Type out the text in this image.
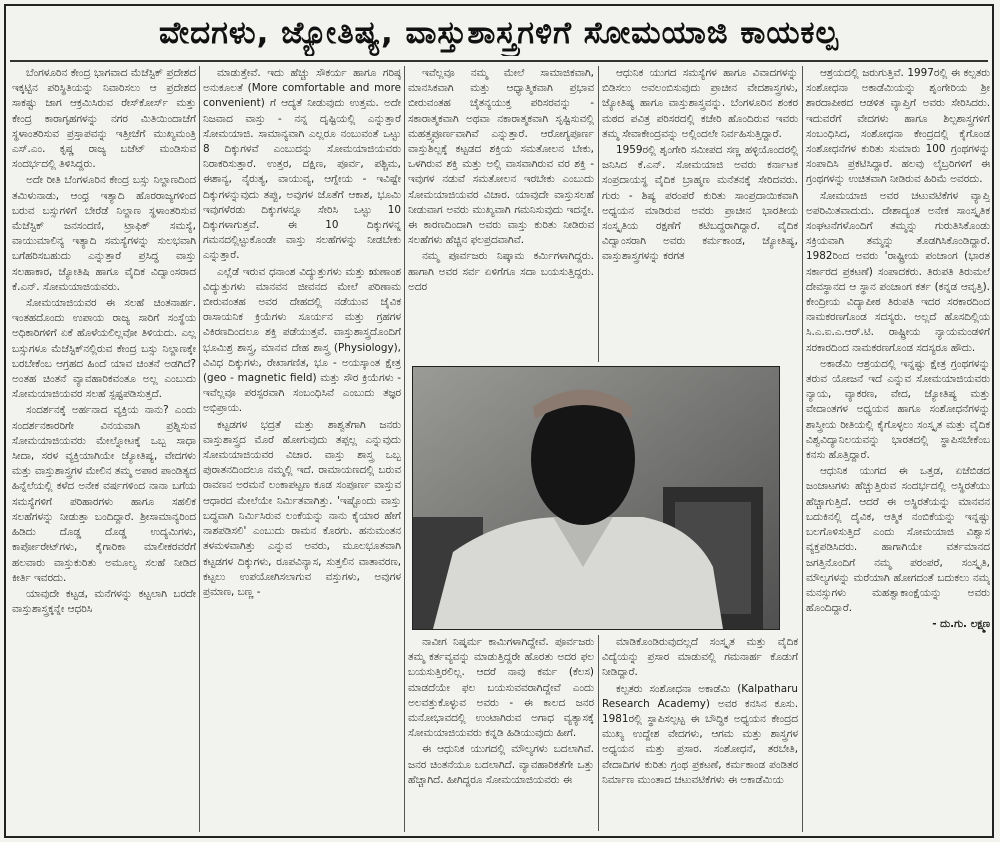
ವೇದಗಳು, ಜ್ಯೋತಿಷ್ಯ, ವಾಸ್ತುಶಾಸ್ತ್ರಗಳಿಗೆ ಸೋಮಯಾಜಿ ಕಾಯಕಲ್ಪ

ಬೆಂಗಳೂರಿನ ಕೇಂದ್ರ ಭಾಗವಾದ ಮೆಜೆಸ್ಟಿಕ್ ಪ್ರದೇಶದ ಇಕ್ಕಟ್ಟಿನ ಪರಿಸ್ಥಿತಿಯನ್ನು ನಿವಾರಿಸಲು ಆ ಪ್ರದೇಶದ ಸಾಕಷ್ಟು ಜಾಗ ಆಕ್ರಮಿಸಿರುವ ರೇಸ್‌ಕೋರ್ಸ್ ಮತ್ತು ಕೇಂದ್ರ ಕಾರಾಗೃಹಗಳನ್ನು ನಗರ ಮಿತಿಯಿಂದಾಚೆಗೆ ಸ್ಥಳಾಂತರಿಸುವ ಪ್ರಸ್ತಾಪವನ್ನು ಇತ್ತೀಚೆಗೆ ಮುಖ್ಯಮಂತ್ರಿ ಎಸ್.ಎಂ. ಕೃಷ್ಣ ರಾಜ್ಯ ಬಜೆಟ್ ಮಂಡಿಸುವ ಸಂದರ್ಭದಲ್ಲಿ ತಿಳಿಸಿದ್ದರು.

ಅದೇ ರೀತಿ ಬೆಂಗಳೂರಿನ ಕೇಂದ್ರ ಬಸ್ಸು ನಿಲ್ದಾಣದಿಂದ ತಮಿಳುನಾಡು, ಆಂಧ್ರ ಇತ್ಯಾದಿ ಹೊರರಾಜ್ಯಗಳಿಂದ ಬರುವ ಬಸ್ಸುಗಳಿಗೆ ಬೇರೆಡೆ ನಿಲ್ದಾಣ ಸ್ಥಳಾಂತರಿಸುವ ಮೆಜೆಸ್ಟಿಕ್ ಜನಸಂದಣಿ, ಟ್ರಾಫಿಕ್ ಸಮಸ್ಯೆ, ವಾಯುಮಾಲಿನ್ಯ ಇತ್ಯಾದಿ ಸಮಸ್ಯೆಗಳನ್ನು ಸುಲಭವಾಗಿ ಬಗೆಹರಿಸಬಹುದು ಎನ್ನುತ್ತಾರೆ ಪ್ರಸಿದ್ಧ ವಾಸ್ತು ಸಲಹಾಕಾರ, ಜ್ಯೋತಿಷಿ ಹಾಗೂ ವೈದಿಕ ವಿದ್ವಾಂಸರಾದ ಕೆ.ಎನ್. ಸೋಮಯಾಜಿಯವರು.

ಸೋಮಯಾಜಿಯವರ ಈ ಸಲಹೆ ಚಿಂತನಾರ್ಹ. ಇಂತಹದೊಂದು ಉಪಾಯ ರಾಜ್ಯ ಸಾರಿಗೆ ಸಂಸ್ಥೆಯ ಅಧಿಕಾರಿಗಳಿಗೆ ಏಕೆ ಹೊಳೆಯಲಿಲ್ಲವೋ ತಿಳಿಯದು. ಎಲ್ಲ ಬಸ್ಸುಗಳೂ ಮೆಜೆಸ್ಟಿಕ್‌ನಲ್ಲಿರುವ ಕೇಂದ್ರ ಬಸ್ಸು ನಿಲ್ದಾಣಕ್ಕೇ ಬರಬೇಕೆಂಬ ಆಗ್ರಹದ ಹಿಂದೆ ಯಾವ ಚಿಂತನೆ ಅಡಗಿದೆ? ಅಂತಹ ಚಿಂತನೆ ವ್ಯಾವಹಾರಿಕವಂತೂ ಅಲ್ಲ ಎಂಬುದು ಸೋಮಯಾಜಿಯವರ ಸಲಹೆ ಸ್ಪಷ್ಟಪಡಿಸುತ್ತದೆ.

ಸಂದರ್ಶನಕ್ಕೆ ಅರ್ಹನಾದ ವ್ಯಕ್ತಿಯ ನಾನು? ಎಂದು ಸಂದರ್ಶನಕಾರರಿಗೇ ವಿನಯವಾಗಿ ಪ್ರಶ್ನಿಸುವ ಸೋಮಯಾಜಿಯವರು ಮೇಲ್ನೋಟಕ್ಕೆ ಒಬ್ಬ ಸಾಧಾ ಸೀದಾ, ಸರಳ ವ್ಯಕ್ತಿಯಾಗಿಯೇ ಜ್ಯೋತಿಷ್ಯ, ವೇದಗಳು ಮತ್ತು ವಾಸ್ತುಶಾಸ್ತ್ರಗಳ ಮೇಲಿನ ತಮ್ಮ ಅಪಾರ ಪಾಂಡಿತ್ಯದ ಹಿನ್ನೆಲೆಯಲ್ಲಿ ಕಳೆದ ಅನೇಕ ವರ್ಷಗಳಿಂದ ನಾನಾ ಬಗೆಯ ಸಮಸ್ಯೆಗಳಿಗೆ ಪರಿಹಾರಗಳು ಹಾಗೂ ಸಹಲಿಕ ಸಲಹೆಗಳನ್ನು ನೀಡುತ್ತಾ ಬಂದಿದ್ದಾರೆ. ಶ್ರೀಸಾಮಾನ್ಯರಿಂದ ಹಿಡಿದು ದೊಡ್ಡ ದೊಡ್ಡ ಉದ್ಯಮಿಗಳು, ಕಾರ್ಪೋರೇಟ್‌ಗಳು, ಕೈಗಾರಿಕಾ ಮಾಲೀಕರವರೆಗೆ ಹಲವಾರು ವಾಸ್ತುಕುರಿತು ಅಮೂಲ್ಯ ಸಲಹೆ ನೀಡಿದ ಕೀರ್ತಿ ಇವರದು.

ಯಾವುದೇ ಕಟ್ಟಡ, ಮನೆಗಳನ್ನು ಕಟ್ಟಲಾಗಿ ಬರದೇ ವಾಸ್ತುಶಾಸ್ತ್ರಕ್ಕನ್ನೇ ಆಧರಿಸಿ

ಮಾಡುತ್ತೇವೆ. ಇದು ಹೆಚ್ಚು ಸೌಕರ್ಯ ಹಾಗೂ ಗರಿಷ್ಠ ಅನುಕೂಲತೆ (More comfortable and more convenient) ಗೆ ಆದ್ಯತೆ ನೀಡುವುದು ಉತ್ತಮ. ಅದೇ ನಿಜವಾದ ವಾಸ್ತು - ನನ್ನ ದೃಷ್ಟಿಯಲ್ಲಿ ಎನ್ನುತ್ತಾರೆ ಸೋಮಯಾಜಿ. ಸಾಮಾನ್ಯವಾಗಿ ಎಲ್ಲರೂ ನಂಬುವಂತೆ ಒಟ್ಟು 8 ದಿಕ್ಕುಗಳವೆ ಎಂಬುದನ್ನು ಸೋಮಯಾಜಿಯವರು ನಿರಾಕರಿಸುತ್ತಾರೆ. ಉತ್ತರ, ದಕ್ಷಿಣ, ಪೂರ್ವ, ಪಶ್ಚಿಮ, ಈಶಾನ್ಯ, ನೈರುತ್ಯ, ವಾಯುವ್ಯ, ಆಗ್ನೇಯ - ಇವಿಷ್ಟೇ ದಿಕ್ಕುಗಳನ್ನುವುದು ತಪ್ಪು, ಅವುಗಳ ಜೊತೆಗೆ ಆಕಾಶ, ಭೂಮಿ ಇವುಗಳೆರಡು ದಿಕ್ಕುಗಳನ್ನೂ ಸೇರಿಸಿ ಒಟ್ಟು 10 ದಿಕ್ಕುಗಳಾಗುತ್ತವೆ. ಈ 10 ದಿಕ್ಕುಗಳನ್ನ ಗಮನದಲ್ಲಿಟ್ಟುಕೊಂಡೇ ವಾಸ್ತು ಸಲಹೆಗಳನ್ನು ನೀಡಬೇಕು ಎನ್ನುತ್ತಾರೆ.

ಎಲ್ಲೆಡೆ ಇರುವ ಧನಾಂಶ ವಿದ್ಯುತ್ತುಗಳು ಮತ್ತು ಋಣಾಂಶ ವಿದ್ಯುತ್ತುಗಳು ಮಾನವನ ಜೀವನದ ಮೇಲೆ ಪರಿಣಾಮ ಬೀರುವಂತಹ ಅವರ ದೇಹದಲ್ಲಿ ನಡೆಯುವ ಜೈವಿಕ ರಾಸಾಯನಿಕ ಕ್ರಿಯೆಗಳು ಸೂರ್ಯನ ಮತ್ತು ಗ್ರಹಗಳ ವಿಕಿರಣದಿಂದಲೂ ಶಕ್ತಿ ಪಡೆಯುತ್ತವೆ. ವಾಸ್ತುಶಾಸ್ತ್ರದೊಂದಿಗೆ ಭೂಮಿಶ್ರ ಶಾಸ್ತ್ರ, ಮಾನವ ದೇಹ ಶಾಸ್ತ್ರ (Physiology), ವಿವಿಧ ದಿಕ್ಕುಗಳು, ರೇಖಾಗಣಿತ, ಭೂ - ಅಯಸ್ಕಾಂತ ಕ್ಷೇತ್ರ (geo - magnetic field) ಮತ್ತು ಸೌರ ಕ್ರಿಯೆಗಳು - ಇವೆಲ್ಲವೂ ಪರಸ್ಪರವಾಗಿ ಸಂಬಂಧಿಸಿವೆ ಎಂಬುದು ತಜ್ಞರ ಅಭಿಪ್ರಾಯ.

ಕಟ್ಟಡಗಳ ಭದ್ರತೆ ಮತ್ತು ಶಾಶ್ವತೆಗಾಗಿ ಜನರು ವಾಸ್ತುಶಾಸ್ತ್ರದ ಮೊರೆ ಹೋಗುವುದು ತಪ್ಪಲ್ಲ ಎನ್ನುವುದು ಸೋಮಯಾಜಿಯವರ ವಿಚಾರ. ವಾಸ್ತು ಶಾಸ್ತ್ರ ಒಬ್ಬ ಪುರಾತನದಿಂದಲೂ ನಮ್ಮಲ್ಲಿ ಇದೆ. ರಾಮಾಯಣದಲ್ಲಿ ಬರುವ ರಾವಣನ ಅರಮನೆ ಲಂಕಾಪಟ್ಟಣ ಕೂಡ ಸಂಪೂರ್ಣ ವಾಸ್ತುವ ಆಧಾರದ ಮೇಲೆಯೇ ನಿರ್ಮಿತವಾಗಿತ್ತು. 'ಇಷ್ಟೊಂದು ವಾಸ್ತು ಬದ್ಧವಾಗಿ ನಿರ್ಮಿಸಿರುವ ಲಂಕೆಯನ್ನು ನಾನು ಕೈಯಾರ ಹೇಗೆ ನಾಶಪಡಿಸಲಿ' ಎಂಬುದು ರಾಮನ ಕೊರಗು. ಹನುಮಂತನ ತಳಮಳವಾಗಿತ್ತು ಎನ್ನುವ ಅವರು, ಮೂಲಭೂತವಾಗಿ ಕಟ್ಟಡಗಳ ದಿಕ್ಕುಗಳು, ರೂಪವಿನ್ಯಾಸ, ಸುತ್ತಲಿನ ವಾತಾವರಣ, ಕಟ್ಟಲು ಉಪಯೋಗಿಸಲಾಗುವ ವಸ್ತುಗಳು, ಅವುಗಳ ಪ್ರಮಾಣ, ಬಣ್ಣ -

ಇವೆಲ್ಲವೂ ನಮ್ಮ ಮೇಲೆ ಸಾಮಾಜಿಕವಾಗಿ, ಮಾನಸಿಕವಾಗಿ ಮತ್ತು ಆಧ್ಯಾತ್ಮಿಕವಾಗಿ ಪ್ರಭಾವ ಬೀರುವಂತಹ ಚೈತನ್ಯಯುಕ್ತ ಪರಿಸರವನ್ನು - ಸಕಾರಾತ್ಮಕವಾಗಿ ಅಥವಾ ನಕಾರಾತ್ಮಕವಾಗಿ ಸೃಷ್ಟಿಸುವಲ್ಲಿ ಮಹತ್ತ್ವಪೂರ್ಣವಾಗಿವೆ ಎನ್ನುತ್ತಾರೆ. ಆರೋಗ್ಯಪೂರ್ಣ ವಾಸ್ತುಶಿಲ್ಪಕ್ಕೆ ಕಟ್ಟಡದ ಶಕ್ತಿಯ ಸಮತೋಲನ ಬೇಕು, ಒಳಗಿರುವ ಶಕ್ತಿ ಮತ್ತು ಅಲ್ಲಿ ವಾಸವಾಗಿರುವ ವರ ಶಕ್ತಿ - ಇವುಗಳ ನಡುವೆ ಸಮತೋಲನ ಇರಬೇಕು ಎಂಬುದು ಸೋಮಯಾಜಿಯವರ ವಿಚಾರ. ಯಾವುದೇ ವಾಸ್ತುಸಲಹೆ ನೀಡುವಾಗ ಅವರು ಮುಖ್ಯವಾಗಿ ಗಮನಿಸುವುದು ಇದನ್ನೇ. ಈ ಕಾರಣದಿಂದಾಗಿ ಅವರು ವಾಸ್ತು ಕುರಿತು ನೀಡಿರುವ ಸಲಹೆಗಳು ಹೆಚ್ಚಿನ ಫಲಪ್ರದವಾಗಿವೆ.

ನಮ್ಮ ಪೂರ್ವಜರು ನಿಷ್ಕಾಮ ಕರ್ಮಿಗಳಾಗಿದ್ದರು. ಹಾಗಾಗಿ ಅವರ ಸರ್ವ ಏಳಿಗೆಗೂ ಸದಾ ಬಯಸುತ್ತಿದ್ದರು. ಅದರ

ಆಧುನಿಕ ಯುಗದ ಸಮಸ್ಯೆಗಳ ಹಾಗೂ ವಿವಾದಗಳನ್ನು ಬಿಡಿಸಲು ಅವಲಂಬಿಸುವುದು ಪ್ರಾಚೀನ ವೇದಶಾಸ್ತ್ರಗಳು, ಜ್ಯೋತಿಷ್ಯ ಹಾಗೂ ವಾಸ್ತುಶಾಸ್ತ್ರವನ್ನು. ಬೆಂಗಳೂರಿನ ಶಂಕರ ಮಠದ ಪವಿತ್ರ ಪರಿಸರದಲ್ಲಿ ಕಚೇರಿ ಹೊಂದಿರುವ ಇವರು ತಮ್ಮ ಸೇವಾಕೇಂದ್ರವನ್ನು ಅಲ್ಲಿಂದಲೇ ನಿರ್ವಹಿಸುತ್ತಿದ್ದಾರೆ.

1959ರಲ್ಲಿ ಶೃಂಗೇರಿ ಸಮೀಪದ ಸಣ್ಣ ಹಳ್ಳಿಯೊಂದರಲ್ಲಿ ಜನಿಸಿದ ಕೆ.ಎನ್. ಸೋಮಯಾಜಿ ಅವರು ಕರ್ನಾಟಕ ಸಂಪ್ರದಾಯಸ್ಥ ವೈದಿಕ ಬ್ರಾಹ್ಮಣ ಮನೆತನಕ್ಕೆ ಸೇರಿದವರು. ಗುರು - ಶಿಷ್ಯ ಪರಂಪರೆ ಕುರಿತು ಸಾಂಪ್ರದಾಯಿಕವಾಗಿ ಅಧ್ಯಯನ ಮಾಡಿರುವ ಅವರು ಪ್ರಾಚೀನ ಭಾರತೀಯ ಸಂಸ್ಕೃತಿಯ ರಕ್ಷಣೆಗೆ ಕಟಿಬದ್ಧರಾಗಿದ್ದಾರೆ. ವೈದಿಕ ವಿದ್ವಾಂಸರಾಗಿ ಅವರು ಕರ್ಮಕಾಂಡ, ಜ್ಯೋತಿಷ್ಯ, ವಾಸ್ತುಶಾಸ್ತ್ರಗಳನ್ನು ಕರಗತ

ನಾವೀಗ ನಿಷ್ಕರ್ಮ ಕಾಮಿಗಳಾಗಿದ್ದೇವೆ. ಪೂರ್ವಜರು ತಮ್ಮ ಕರ್ತವ್ಯವನ್ನು ಮಾಡುತ್ತಿದ್ದರೇ ಹೊರತು ಅದರ ಫಲ ಬಯಸುತ್ತಿರಲಿಲ್ಲ. ಆದರೆ ನಾವು ಕರ್ಮ (ಕೆಲಸ) ಮಾಡದೆಯೇ ಫಲ ಬಯಸುವವರಾಗಿದ್ದೇವೆ ಎಂದು ಅಲವತ್ತುಕೊಳ್ಳುವ ಅವರು - ಈ ಕಾಲದ ಜನರ ಮನೋಭಾವದಲ್ಲಿ ಉಂಟಾಗಿರುವ ಅಗಾಧ ವ್ಯತ್ಯಾಸಕ್ಕೆ ಸೋಮಯಾಜಿಯವರು ಕನ್ನಡಿ ಹಿಡಿಯುವುದು ಹೀಗೆ.

ಈ ಆಧುನಿಕ ಯುಗದಲ್ಲಿ ಮೌಲ್ಯಗಳು ಬದಲಾಗಿವೆ. ಜನರ ಚಿಂತನೆಯೂ ಬದಲಾಗಿದೆ. ವ್ಯಾವಹಾರಿಕತೆಗೇ ಒತ್ತು ಹೆಚ್ಚಾಗಿದೆ. ಹೀಗಿದ್ದರೂ ಸೋಮಯಾಜಿಯವರು ಈ

ಮಾಡಿಕೊಂಡಿರುವುದಲ್ಲದೆ ಸಂಸ್ಕೃತ ಮತ್ತು ವೈದಿಕ ವಿದ್ಯೆಯನ್ನು ಪ್ರಸಾರ ಮಾಡುವಲ್ಲಿ ಗಮನಾರ್ಹ ಕೊಡುಗೆ ನೀಡಿದ್ದಾರೆ.

ಕಲ್ಪತರು ಸಂಶೋಧನಾ ಅಕಾಡೆಮಿ (Kalpatharu Research Academy) ಅವರ ಕನಸಿನ ಕೂಸು. 1981ರಲ್ಲಿ ಸ್ಥಾಪಿಸಲ್ಪಟ್ಟ ಈ ಬೌದ್ಧಿಕ ಅಧ್ಯಯನ ಕೇಂದ್ರದ ಮುಖ್ಯ ಉದ್ದೇಶ ವೇದಗಳು, ಆಗಮ ಮತ್ತು ಶಾಸ್ತ್ರಗಳ ಅಧ್ಯಯನ ಮತ್ತು ಪ್ರಸಾರ. ಸಂಶೋಧನೆ, ತರಬೇತಿ, ವೇದಾದಿಗಳ ಕುರಿತು ಗ್ರಂಥ ಪ್ರಕಟಣೆ, ಕರ್ಮಕಾಂಡ ಪಂಡಿತರ ನಿರ್ಮಾಣ ಮುಂತಾದ ಚಟುವಟಿಕೆಗಳು ಈ ಅಕಾಡೆಮಿಯ

ಆಶ್ರಯದಲ್ಲಿ ಜರುಗುತ್ತಿವೆ. 1997ರಲ್ಲಿ ಈ ಕಲ್ಪತರು ಸಂಶೋಧನಾ ಅಕಾಡೆಮಿಯನ್ನು ಶೃಂಗೇರಿಯ ಶ್ರೀ ಶಾರದಾಪೀಠದ ಆಡಳಿತ ವ್ಯಾಪ್ತಿಗೆ ಅವರು ಸೇರಿಸಿದರು. ಇದುವರೆಗೆ ವೇದಗಳು ಹಾಗೂ ಶಿಲ್ಪಶಾಸ್ತ್ರಗಳಿಗೆ ಸಂಬಂಧಿಸಿದ, ಸಂಶೋಧನಾ ಕೇಂದ್ರದಲ್ಲಿ ಕೈಗೊಂಡ ಸಂಶೋಧನೆಗಳ ಕುರಿತು ಸುಮಾರು 100 ಗ್ರಂಥಗಳನ್ನು ಸಂಪಾದಿಸಿ ಪ್ರಕಟಿಸಿದ್ದಾರೆ. ಹಲವು ಲೈಬ್ರರಿಗಳಿಗೆ ಈ ಗ್ರಂಥಗಳನ್ನು ಉಚಿತವಾಗಿ ನೀಡಿರುವ ಹಿರಿಮೆ ಅವರದು.

ಸೋಮಯಾಜಿ ಅವರ ಚಟುವಟಿಕೆಗಳ ವ್ಯಾಪ್ತಿ ಅಪರಿಮಿತವಾದುದು. ದೇಶಾದ್ಯಂತ ಅನೇಕ ಸಾಂಸ್ಕೃತಿಕ ಸಂಘಟನೆಗಳೊಂದಿಗೆ ತಮ್ಮನ್ನು ಗುರುತಿಸಿಕೊಂಡು ಸಕ್ರಿಯವಾಗಿ ತಮ್ಮನ್ನು ತೊಡಗಿಸಿಕೊಂಡಿದ್ದಾರೆ. 1982ರಿಂದ ಅವರು 'ರಾಷ್ಟ್ರೀಯ ಪಂಚಾಂಗ (ಭಾರತ ಸರ್ಕಾರದ ಪ್ರಕಟಣೆ) ಸಂಪಾದಕರು. ತಿರುಪತಿ ತಿರುಮಲೆ ದೇವಸ್ಥಾನದ ಆ ಸ್ಥಾನ ಪಂಚಾಂಗ ಕರ್ತ (ಕನ್ನಡ ಆವೃತ್ತಿ). ಕೇಂದ್ರೀಯ ವಿದ್ಯಾಪೀಠ ತಿರುಪತಿ ಇದರ ಸರಕಾರದಿಂದ ನಾಮಕರಣಗೊಂಡ ಸದಸ್ಯರು. ಅಲ್ಲದೆ ಹೊಸದಿಲ್ಲಿಯ ಸಿ.ಎ.ಐ.ಎ.ಆರ್.ಟಿ. ರಾಷ್ಟ್ರೀಯ ನ್ಯಾಯಮಂಡಳಿಗೆ ಸರಕಾರದಿಂದ ನಾಮಕರಣಗೊಂಡ ಸದಸ್ಯರೂ ಹೌದು.

ಅಕಾಡೆಮಿ ಆಶ್ರಯದಲ್ಲಿ ಇನ್ನಷ್ಟು ಕ್ಷೇತ್ರ ಗ್ರಂಥಗಳನ್ನು ತರುವ ಯೋಜನೆ ಇದೆ ಎನ್ನುವ ಸೋಮಯಾಜಿಯವರು ನ್ಯಾಯ, ವ್ಯಾಕರಣ, ವೇದ, ಜ್ಯೋತಿಷ್ಯ ಮತ್ತು ವೇದಾಂತಗಳ ಅಧ್ಯಯನ ಹಾಗೂ ಸಂಶೋಧನೆಗಳನ್ನು ಶಾಸ್ತ್ರೀಯ ರೀತಿಯಲ್ಲಿ ಕೈಗೊಳ್ಳಲು ಸಂಸ್ಕೃತ ಮತ್ತು ವೈದಿಕ ವಿಶ್ವವಿದ್ಯಾನಿಲಯವನ್ನು ಭಾರತದಲ್ಲಿ ಸ್ಥಾಪಿಸಬೇಕೆಂಬ ಕನಸು ಹೊತ್ತಿದ್ದಾರೆ.

ಆಧುನಿಕ ಯುಗದ ಈ ಒತ್ತಡ, ಏಜೆಬಿಡದ ಜಂಜಾಟಗಳು ಹೆಚ್ಚುತ್ತಿರುವ ಸಂದರ್ಭದಲ್ಲಿ ಅಸ್ಥಿರತೆಯು ಹೆಚ್ಚಾಗುತ್ತಿದೆ. ಆದರೆ ಈ ಅಸ್ಥಿರತೆಯನ್ನು ಮಾನವನ ಬದುಕಿನಲ್ಲಿ ದೈವಿಕ, ಆತ್ಮಿಕ ನಂಬಿಕೆಯನ್ನು ಇನ್ನಷ್ಟು ಬಲಗೊಳಿಸುತ್ತಿದೆ ಎಂದು ಸೋಮಯಾಜಿ ವಿಶ್ವಾಸ ವ್ಯಕ್ತಪಡಿಸಿದರು. ಹಾಗಾಗಿಯೇ ವರ್ತಮಾನದ ಜಗತ್ತಿನೊಂದಿಗೆ ನಮ್ಮ ಪರಂಪರೆ, ಸಂಸ್ಕೃತಿ, ಮೌಲ್ಯಗಳನ್ನು ಮರೆಯಾಗಿ ಹೋಗದಂತೆ ಬದುಕಲು ನಮ್ಮ ಮನಸ್ಸುಗಳು ಮಹತ್ವಾಕಾಂಕ್ಷೆಯನ್ನು ಅವರು ಹೊಂದಿದ್ದಾರೆ.

- ದು.ಗು. ಲಕ್ಷ್ಮಣ
